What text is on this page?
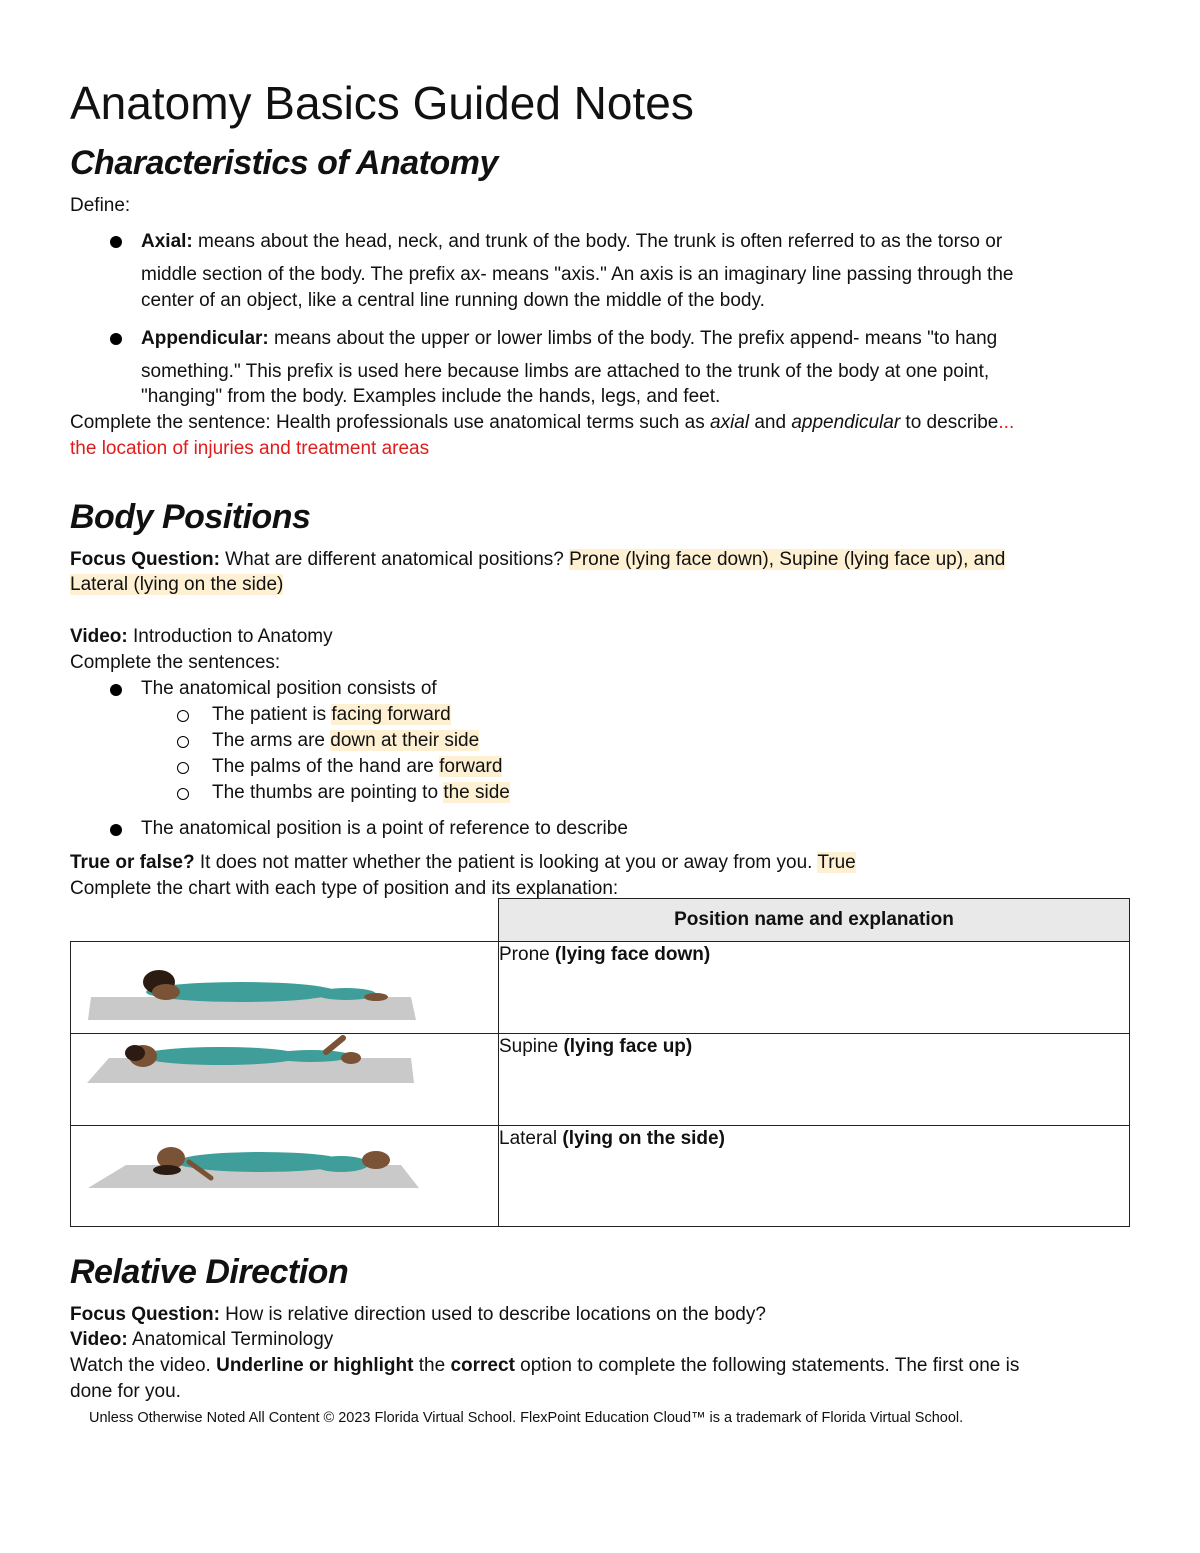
Anatomy Basics Guided Notes
Characteristics of Anatomy
Define:
Axial: means about the head, neck, and trunk of the body. The trunk is often referred to as the torso or
middle section of the body. The prefix ax- means "axis." An axis is an imaginary line passing through the
center of an object, like a central line running down the middle of the body.
Appendicular: means about the upper or lower limbs of the body. The prefix append- means "to hang
something." This prefix is used here because limbs are attached to the trunk of the body at one point,
"hanging" from the body. Examples include the hands, legs, and feet.
Complete the sentence: Health professionals use anatomical terms such as axial and appendicular to describe...
the location of injuries and treatment areas
Body Positions
Focus Question: What are different anatomical positions? Prone (lying face down), Supine (lying face up), and
Lateral (lying on the side)
Video: Introduction to Anatomy
Complete the sentences:
The anatomical position consists of
The patient is facing forward
The arms are down at their side
The palms of the hand are forward
The thumbs are pointing to the side
The anatomical position is a point of reference to describe
True or false? It does not matter whether the patient is looking at you or away from you. True
Complete the chart with each type of position and its explanation:
	Position name and explanation
	Prone (lying face down)
	Supine (lying face up)
	Lateral (lying on the side)
Relative Direction
Focus Question: How is relative direction used to describe locations on the body?
Video: Anatomical Terminology
Watch the video. Underline or highlight the correct option to complete the following statements. The first one is
done for you.
Unless Otherwise Noted All Content © 2023 Florida Virtual School. FlexPoint Education Cloud™ is a trademark of Florida Virtual School.
